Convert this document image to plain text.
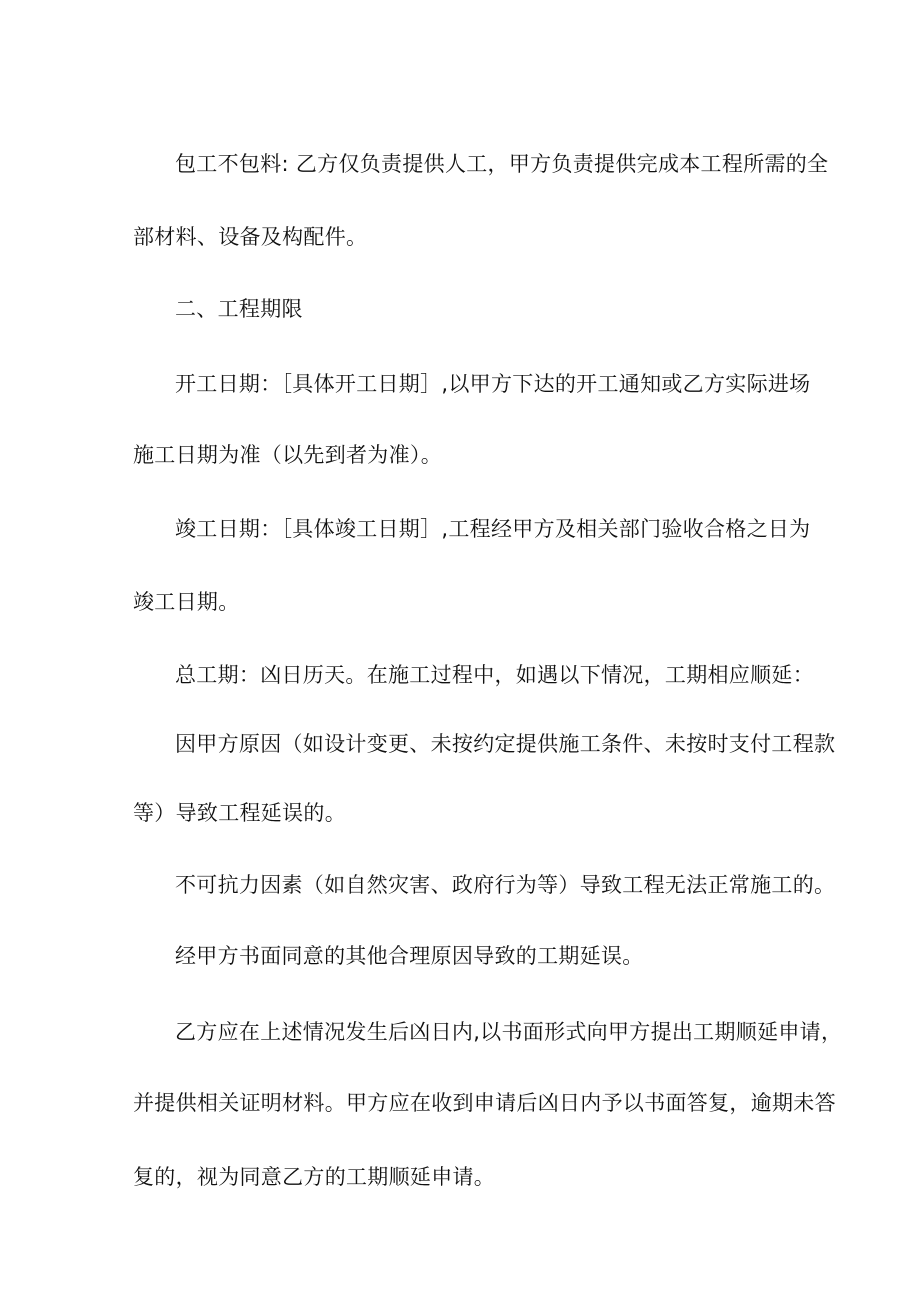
包工不包料: 乙方仅负责提供人工，甲方负责提供完成本工程所需的全
部材料、设备及构配件。
二、工程期限
开工日期：［具体开工日期］,以甲方下达的开工通知或乙方实际进场
施工日期为准（以先到者为准）。
竣工日期：［具体竣工日期］,工程经甲方及相关部门验收合格之日为
竣工日期。
总工期：凶日历天。在施工过程中，如遇以下情况，工期相应顺延：
因甲方原因（如设计变更、未按约定提供施工条件、未按时支付工程款
等）导致工程延误的。
不可抗力因素（如自然灾害、政府行为等）导致工程无法正常施工的。
经甲方书面同意的其他合理原因导致的工期延误。
乙方应在上述情况发生后凶日内,以书面形式向甲方提出工期顺延申请，
并提供相关证明材料。甲方应在收到申请后凶日内予以书面答复，逾期未答
复的，视为同意乙方的工期顺延申请。
